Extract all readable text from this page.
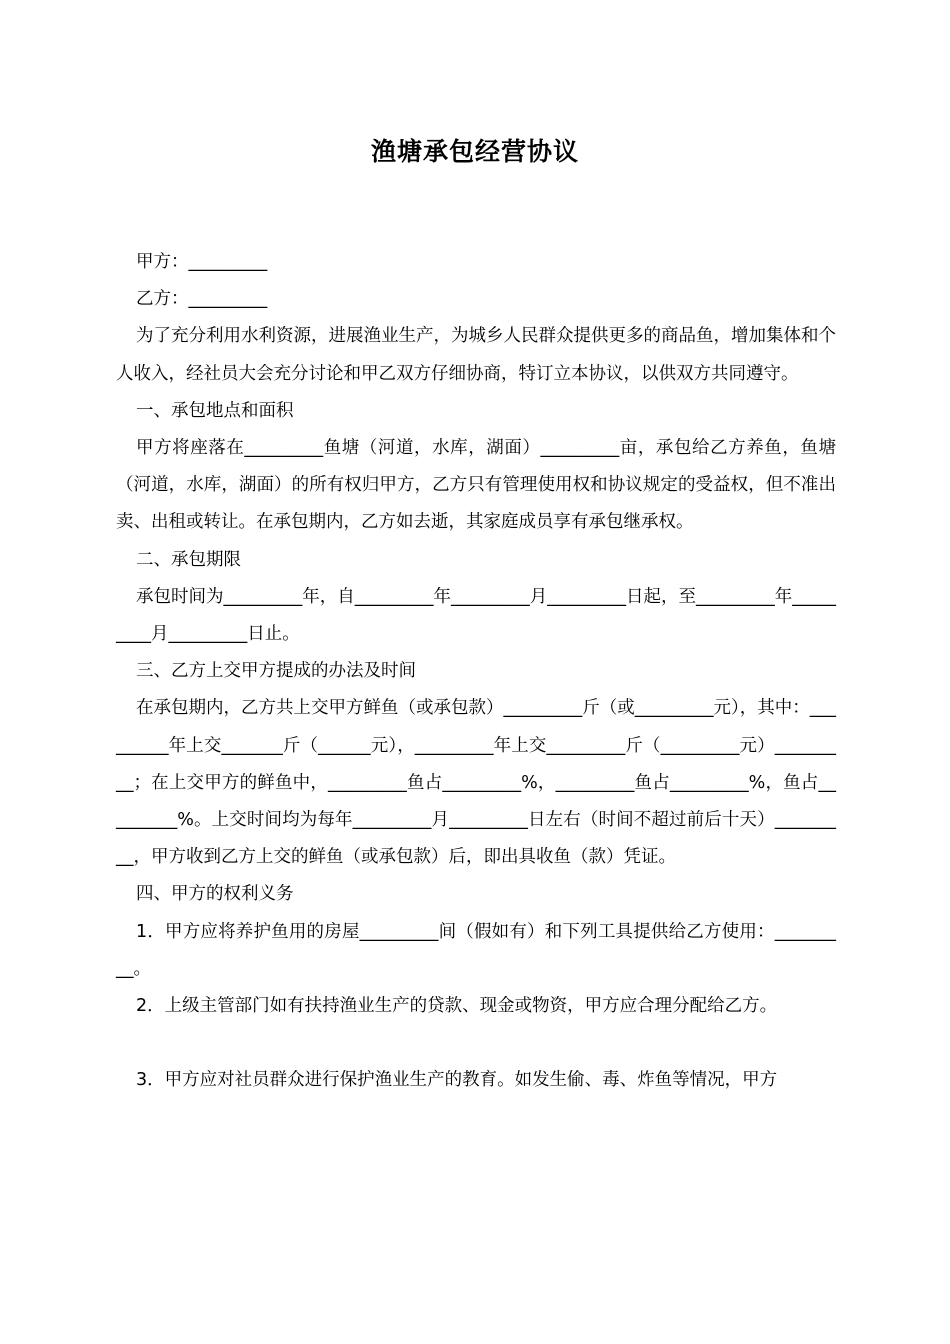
渔塘承包经营协议

甲方：_________

乙方：_________

为了充分利用水利资源，进展渔业生产，为城乡人民群众提供更多的商品鱼，增加集体和个人收入，经社员大会充分讨论和甲乙双方仔细协商，特订立本协议，以供双方共同遵守。

一、承包地点和面积

甲方将座落在_________鱼塘（河道，水库，湖面）_________亩，承包给乙方养鱼，鱼塘（河道，水库，湖面）的所有权归甲方，乙方只有管理使用权和协议规定的受益权，但不准出卖、出租或转让。在承包期内，乙方如去逝，其家庭成员享有承包继承权。

二、承包期限

承包时间为_________年，自_________年_________月_________日起，至_________年_________月_________日止。

三、乙方上交甲方提成的办法及时间

在承包期内，乙方共上交甲方鲜鱼（或承包款）_________斤（或_________元），其中：_________年上交_______斤（______元），_________年上交_________斤（_________元）_________；在上交甲方的鲜鱼中，_________鱼占_________%，_________鱼占_________%，鱼占_________%。上交时间均为每年_________月_________日左右（时间不超过前后十天）_________，甲方收到乙方上交的鲜鱼（或承包款）后，即出具收鱼（款）凭证。

四、甲方的权利义务

1．甲方应将养护鱼用的房屋_________间（假如有）和下列工具提供给乙方使用：_________。

2．上级主管部门如有扶持渔业生产的贷款、现金或物资，甲方应合理分配给乙方。

3．甲方应对社员群众进行保护渔业生产的教育。如发生偷、毒、炸鱼等情况，甲方
